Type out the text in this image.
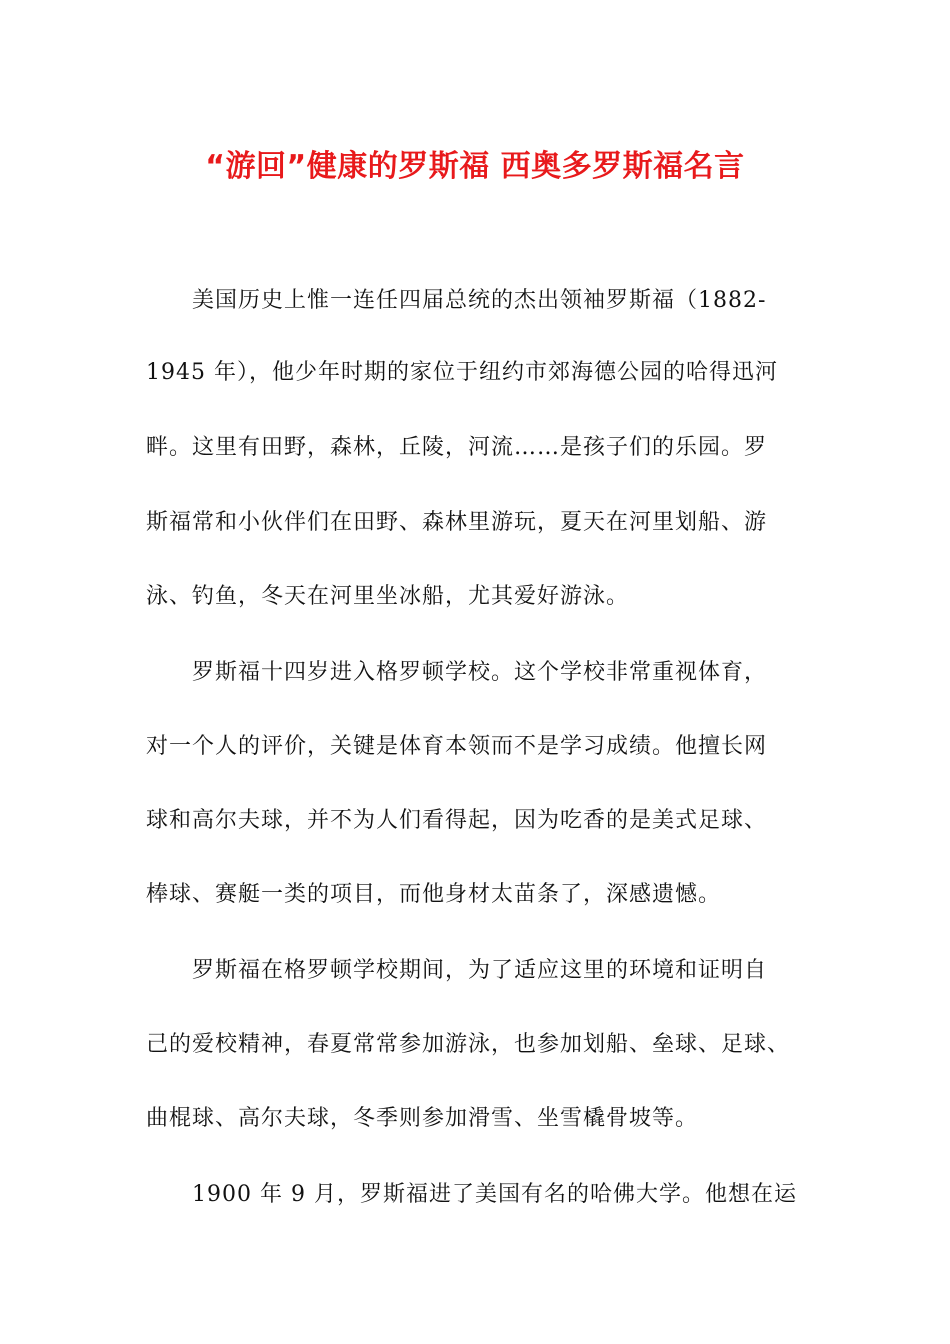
“游回”健康的罗斯福 西奥多罗斯福名言
美国历史上惟一连任四届总统的杰出领袖罗斯福（1882-
1945 年），他少年时期的家位于纽约市郊海德公园的哈得迅河
畔。这里有田野，森林，丘陵，河流……是孩子们的乐园。罗
斯福常和小伙伴们在田野、森林里游玩，夏天在河里划船、游
泳、钓鱼，冬天在河里坐冰船，尤其爱好游泳。
罗斯福十四岁进入格罗顿学校。这个学校非常重视体育，
对一个人的评价，关键是体育本领而不是学习成绩。他擅长网
球和高尔夫球，并不为人们看得起，因为吃香的是美式足球、
棒球、赛艇一类的项目，而他身材太苗条了，深感遗憾。
罗斯福在格罗顿学校期间，为了适应这里的环境和证明自
己的爱校精神，春夏常常参加游泳，也参加划船、垒球、足球、
曲棍球、高尔夫球，冬季则参加滑雪、坐雪橇骨坡等。
1900 年 9 月，罗斯福进了美国有名的哈佛大学。他想在运
